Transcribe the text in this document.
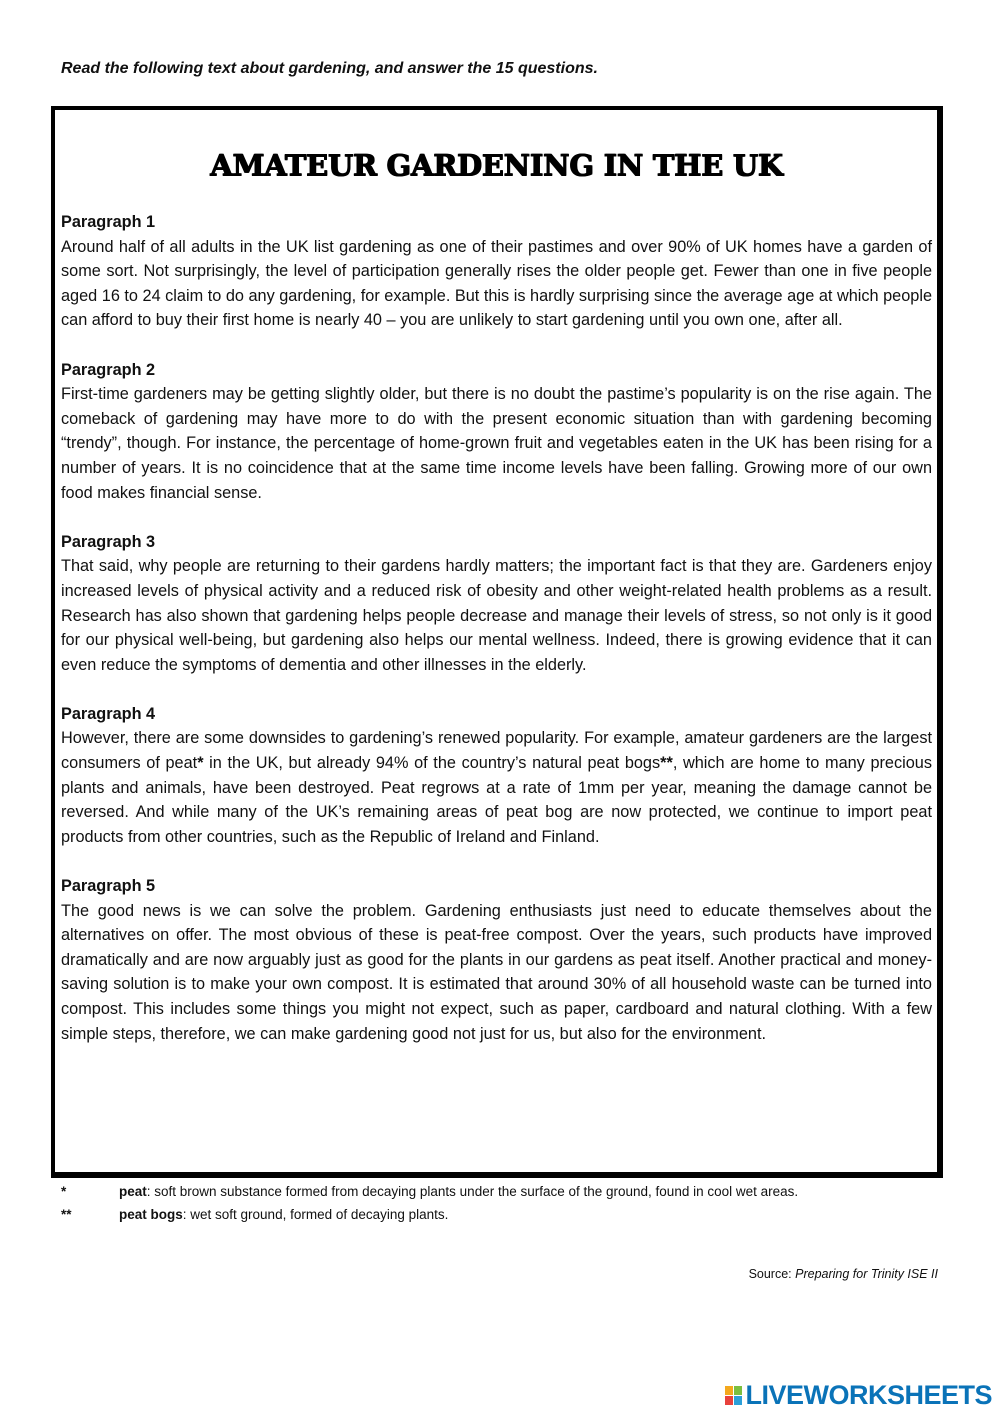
Read the following text about gardening, and answer the 15 questions.
AMATEUR GARDENING IN THE UK

Paragraph 1
Around half of all adults in the UK list gardening as one of their pastimes and over 90% of UK homes have a garden of some sort. Not surprisingly, the level of participation generally rises the older people get. Fewer than one in five people aged 16 to 24 claim to do any gardening, for example. But this is hardly surprising since the average age at which people can afford to buy their first home is nearly 40 – you are unlikely to start gardening until you own one, after all.

Paragraph 2
First-time gardeners may be getting slightly older, but there is no doubt the pastime’s popularity is on the rise again. The comeback of gardening may have more to do with the present economic situation than with gardening becoming “trendy”, though. For instance, the percentage of home-grown fruit and vegetables eaten in the UK has been rising for a number of years. It is no coincidence that at the same time income levels have been falling. Growing more of our own food makes financial sense.

Paragraph 3
That said, why people are returning to their gardens hardly matters; the important fact is that they are. Gardeners enjoy increased levels of physical activity and a reduced risk of obesity and other weight-related health problems as a result. Research has also shown that gardening helps people decrease and manage their levels of stress, so not only is it good for our physical well-being, but gardening also helps our mental wellness. Indeed, there is growing evidence that it can even reduce the symptoms of dementia and other illnesses in the elderly.

Paragraph 4
However, there are some downsides to gardening’s renewed popularity. For example, amateur gardeners are the largest consumers of peat* in the UK, but already 94% of the country’s natural peat bogs**, which are home to many precious plants and animals, have been destroyed. Peat regrows at a rate of 1mm per year, meaning the damage cannot be reversed. And while many of the UK’s remaining areas of peat bog are now protected, we continue to import peat products from other countries, such as the Republic of Ireland and Finland.

Paragraph 5
The good news is we can solve the problem. Gardening enthusiasts just need to educate themselves about the alternatives on offer. The most obvious of these is peat-free compost. Over the years, such products have improved dramatically and are now arguably just as good for the plants in our gardens as peat itself. Another practical and money-saving solution is to make your own compost. It is estimated that around 30% of all household waste can be turned into compost. This includes some things you might not expect, such as paper, cardboard and natural clothing. With a few simple steps, therefore, we can make gardening good not just for us, but also for the environment.

*	peat: soft brown substance formed from decaying plants under the surface of the ground, found in cool wet areas.
**	peat bogs: wet soft ground, formed of decaying plants.
Source: Preparing for Trinity ISE II
LIVEWORKSHEETS
